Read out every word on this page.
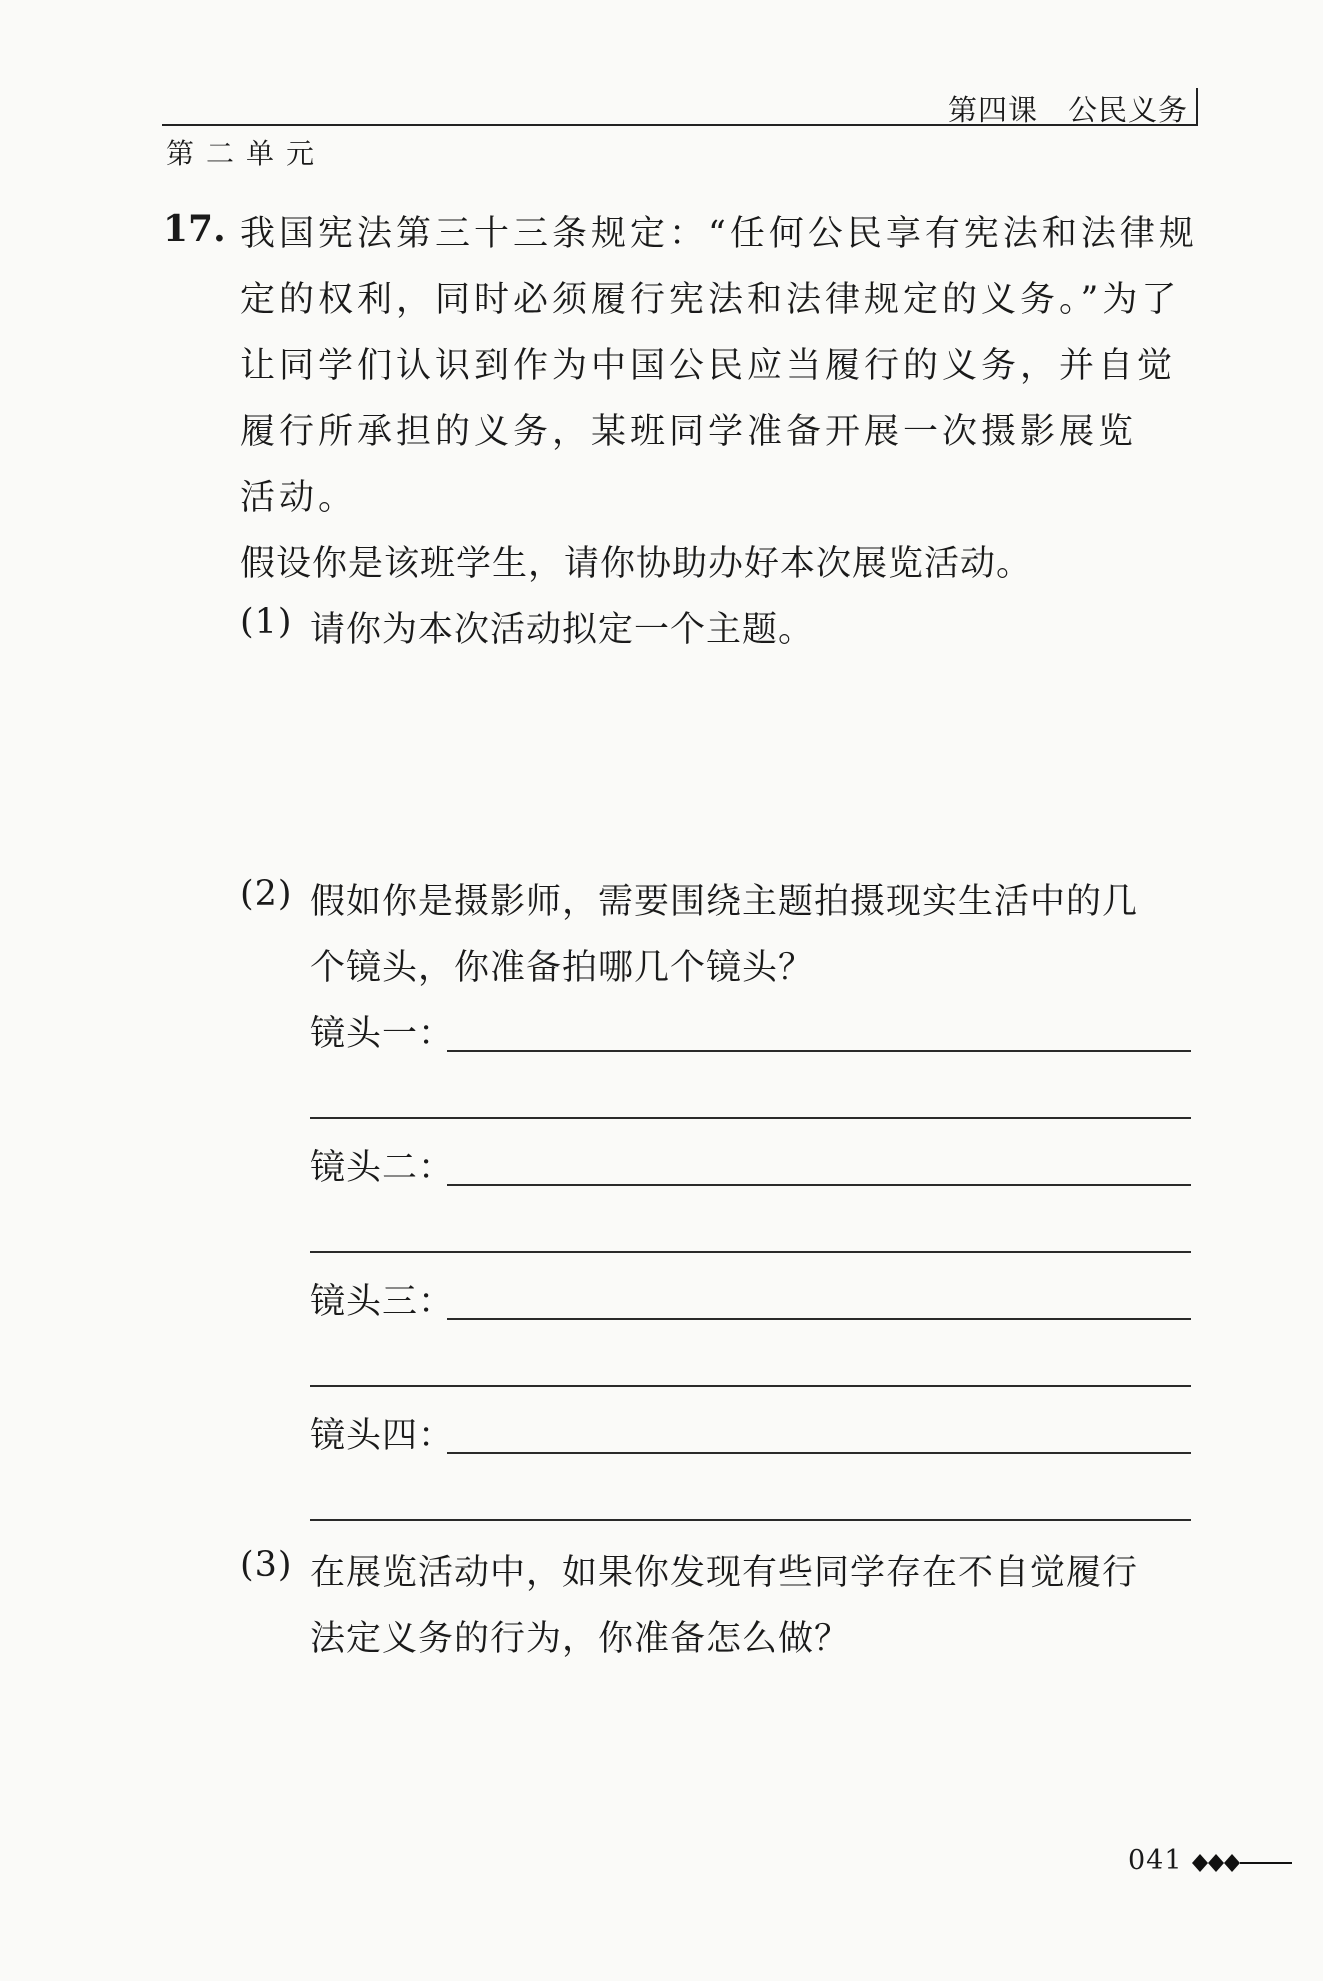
第四课　公民义务
第二单元
17. 我国宪法第三十三条规定：“任何公民享有宪法和法律规
定的权利，同时必须履行宪法和法律规定的义务。”为了
让同学们认识到作为中国公民应当履行的义务，并自觉
履行所承担的义务，某班同学准备开展一次摄影展览
活动。
假设你是该班学生，请你协助办好本次展览活动。
(1) 请你为本次活动拟定一个主题。
(2) 假如你是摄影师，需要围绕主题拍摄现实生活中的几
个镜头，你准备拍哪几个镜头？
镜头一：
镜头二：
镜头三：
镜头四：
(3) 在展览活动中，如果你发现有些同学存在不自觉履行
法定义务的行为，你准备怎么做？
041
